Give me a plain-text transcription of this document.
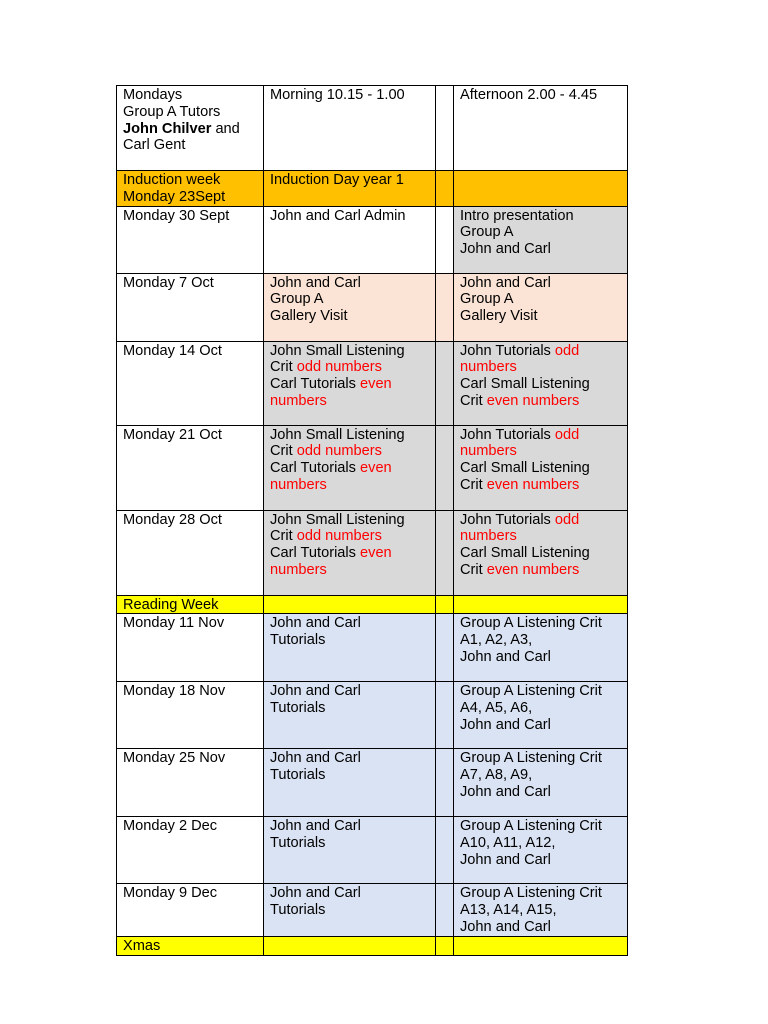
Mondays
Group A Tutors
John Chilver and
Carl Gent	Morning 10.15 - 1.00		Afternoon 2.00 - 4.45

Induction week
Monday 23Sept	Induction Day year 1		
Monday 30 Sept	John and Carl Admin		Intro presentation
Group A
John and Carl

Monday 7 Oct	John and Carl
Group A
Gallery Visit		John and Carl
Group A
Gallery Visit

Monday 14 Oct	John Small Listening
Crit odd numbers
Carl Tutorials even
numbers		John Tutorials odd
numbers
Carl Small Listening
Crit even numbers

Monday 21 Oct	John Small Listening
Crit odd numbers
Carl Tutorials even
numbers		John Tutorials odd
numbers
Carl Small Listening
Crit even numbers

Monday 28 Oct	John Small Listening
Crit odd numbers
Carl Tutorials even
numbers		John Tutorials odd
numbers
Carl Small Listening
Crit even numbers

Reading Week			
Monday 11 Nov	John and Carl
Tutorials		Group A Listening Crit
A1, A2, A3,
John and Carl

Monday 18 Nov	John and Carl
Tutorials		Group A Listening Crit
A4, A5, A6,
John and Carl

Monday 25 Nov	John and Carl
Tutorials		Group A Listening Crit
A7, A8, A9,
John and Carl

Monday 2 Dec	John and Carl
Tutorials		Group A Listening Crit
A10, A11, A12,
John and Carl

Monday 9 Dec	John and Carl
Tutorials		Group A Listening Crit
A13, A14, A15,
John and Carl

Xmas			
